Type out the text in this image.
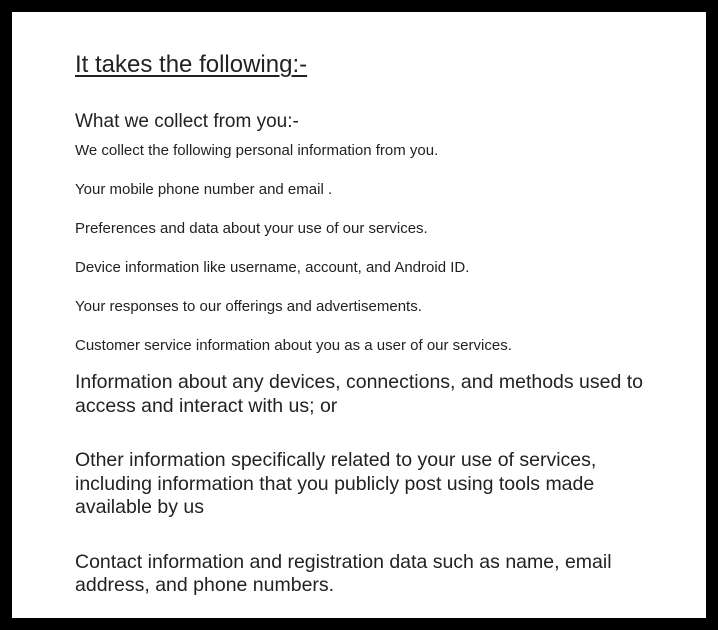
It takes the following:-
What we collect from you:-
We collect the following personal information from you.
Your mobile phone number and email .
Preferences and data about your use of our services.
Device information like username, account, and Android ID.
Your responses to our offerings and advertisements.
Customer service information about you as a user of our services.
Information about any devices, connections, and methods used to access and interact with us; or
Other information specifically related to your use of services, including information that you publicly post using tools made available by us
Contact information and registration data such as name, email address, and phone numbers.
